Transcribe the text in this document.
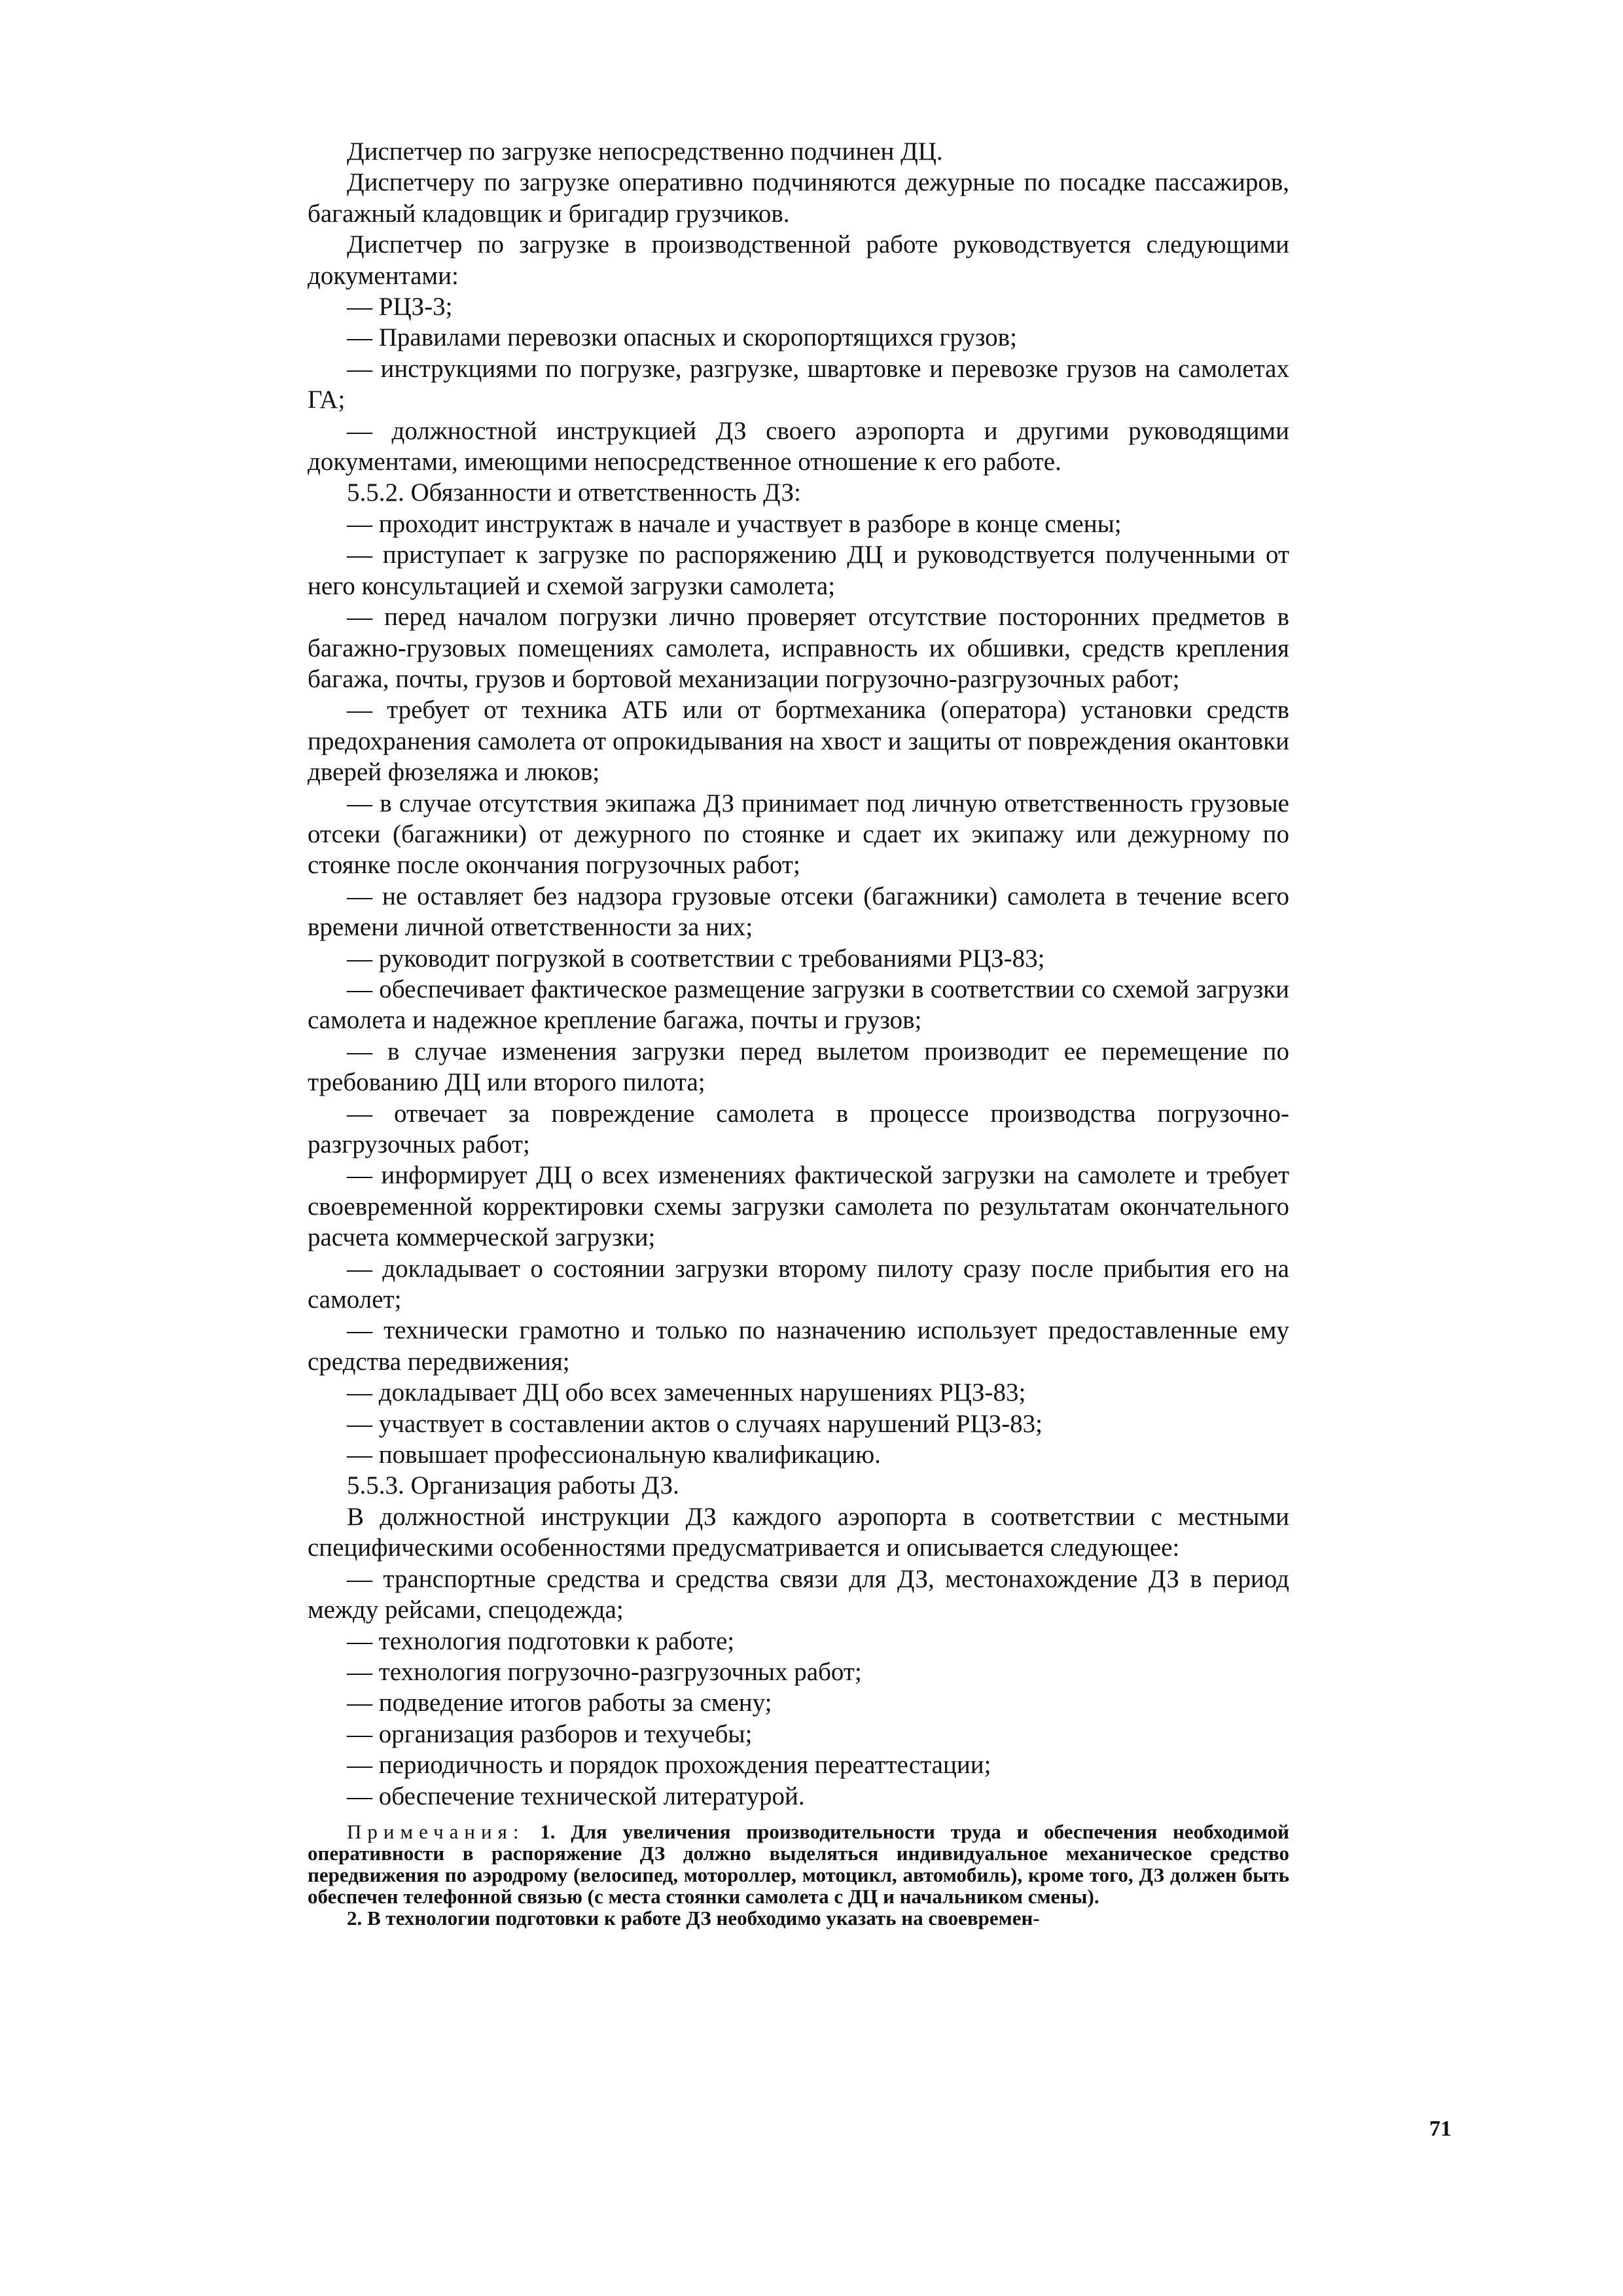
Диспетчер по загрузке непосредственно подчинен ДЦ.

Диспетчеру по загрузке оперативно подчиняются дежурные по посадке пассажиров, багажный кладовщик и бригадир грузчиков.

Диспетчер по загрузке в производственной работе руководствуется следующими документами:

— РЦЗ-3;

— Правилами перевозки опасных и скоропортящихся грузов;

— инструкциями по погрузке, разгрузке, швартовке и перевозке грузов на самолетах ГА;

— должностной инструкцией ДЗ своего аэропорта и другими руководящими документами, имеющими непосредственное отношение к его работе.

5.5.2. Обязанности и ответственность ДЗ:

— проходит инструктаж в начале и участвует в разборе в конце смены;

— приступает к загрузке по распоряжению ДЦ и руководствуется полученными от него консультацией и схемой загрузки самолета;

— перед началом погрузки лично проверяет отсутствие посторонних предметов в багажно-грузовых помещениях самолета, исправность их обшивки, средств крепления багажа, почты, грузов и бортовой механизации погрузочно-разгрузочных работ;

— требует от техника АТБ или от бортмеханика (оператора) установки средств предохранения самолета от опрокидывания на хвост и защиты от повреждения окантовки дверей фюзеляжа и люков;

— в случае отсутствия экипажа ДЗ принимает под личную ответственность грузовые отсеки (багажники) от дежурного по стоянке и сдает их экипажу или дежурному по стоянке после окончания погрузочных работ;

— не оставляет без надзора грузовые отсеки (багажники) самолета в течение всего времени личной ответственности за них;

— руководит погрузкой в соответствии с требованиями РЦЗ-83;

— обеспечивает фактическое размещение загрузки в соответствии со схемой загрузки самолета и надежное крепление багажа, почты и грузов;

— в случае изменения загрузки перед вылетом производит ее перемещение по требованию ДЦ или второго пилота;

— отвечает за повреждение самолета в процессе производства погрузочно-разгрузочных работ;

— информирует ДЦ о всех изменениях фактической загрузки на самолете и требует своевременной корректировки схемы загрузки самолета по результатам окончательного расчета коммерческой загрузки;

— докладывает о состоянии загрузки второму пилоту сразу после прибытия его на самолет;

— технически грамотно и только по назначению использует предоставленные ему средства передвижения;

— докладывает ДЦ обо всех замеченных нарушениях РЦЗ-83;

— участвует в составлении актов о случаях нарушений РЦЗ-83;

— повышает профессиональную квалификацию.

5.5.3. Организация работы ДЗ.

В должностной инструкции ДЗ каждого аэропорта в соответствии с местными специфическими особенностями предусматривается и описывается следующее:

— транспортные средства и средства связи для ДЗ, местонахождение ДЗ в период между рейсами, спецодежда;

— технология подготовки к работе;

— технология погрузочно-разгрузочных работ;

— подведение итогов работы за смену;

— организация разборов и техучебы;

— периодичность и порядок прохождения переаттестации;

— обеспечение технической литературой.

Примечания: 1. Для увеличения производительности труда и обеспечения необходимой оперативности в распоряжение ДЗ должно выделяться индивидуальное механическое средство передвижения по аэродрому (велосипед, мотороллер, мотоцикл, автомобиль), кроме того, ДЗ должен быть обеспечен телефонной связью (с места стоянки самолета с ДЦ и начальником смены).

2. В технологии подготовки к работе ДЗ необходимо указать на своевремен-

71
